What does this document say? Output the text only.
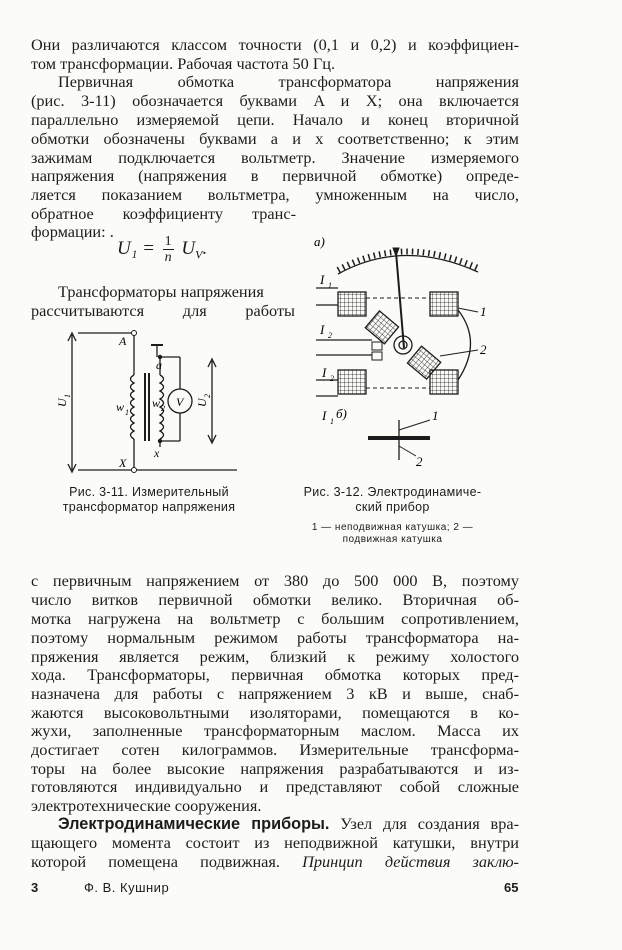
Они различаются классом точности (0,1 и 0,2) и коэффициен-
том трансформации. Рабочая частота 50 Гц.
Первичная обмотка трансформатора напряжения
(рис. 3-11) обозначается буквами A и X; она включается
параллельно измеряемой цепи. Начало и конец вторичной
обмотки обозначены буквами a и x соответственно; к этим
зажимам подключается вольтметр. Значение измеряемого
напряжения (напряжения в первичной обмотке) опреде-
ляется показанием вольтметра, умноженным на число,
обратное коэффициенту транс-
формации: .
$U_1 = \frac{1}{n} U_V$.
Трансформаторы напряжения
рассчитываются для работы
A
X
a
x
w 1
w 2 V
U
1
U
2
Рис. 3-11. Измерительный
трансформатор напряжения
а)
б)
I 1
I 2
I 2
I 1
1
2
1
2
Рис. 3-12. Электродинамиче-
ский прибор
1 — неподвижная катушка; 2 —
подвижная катушка
с первичным напряжением от 380 до 500 000 В, поэтому
число витков первичной обмотки велико. Вторичная об-
мотка нагружена на вольтметр с большим сопротивлением,
поэтому нормальным режимом работы трансформатора на-
пряжения является режим, близкий к режиму холостого
хода. Трансформаторы, первичная обмотка которых пред-
назначена для работы с напряжением 3 кВ и выше, снаб-
жаются высоковольтными изоляторами, помещаются в ко-
жухи, заполненные трансформаторным маслом. Масса их
достигает сотен килограммов. Измерительные трансформа-
торы на более высокие напряжения разрабатываются и из-
готовляются индивидуально и представляют собой сложные
электротехнические сооружения.
Электродинамические приборы. Узел для создания вра-
щающего момента состоит из неподвижной катушки, внутри
которой помещена подвижная. Принцип действия заклю-
3	Ф. В. Кушнир	65
